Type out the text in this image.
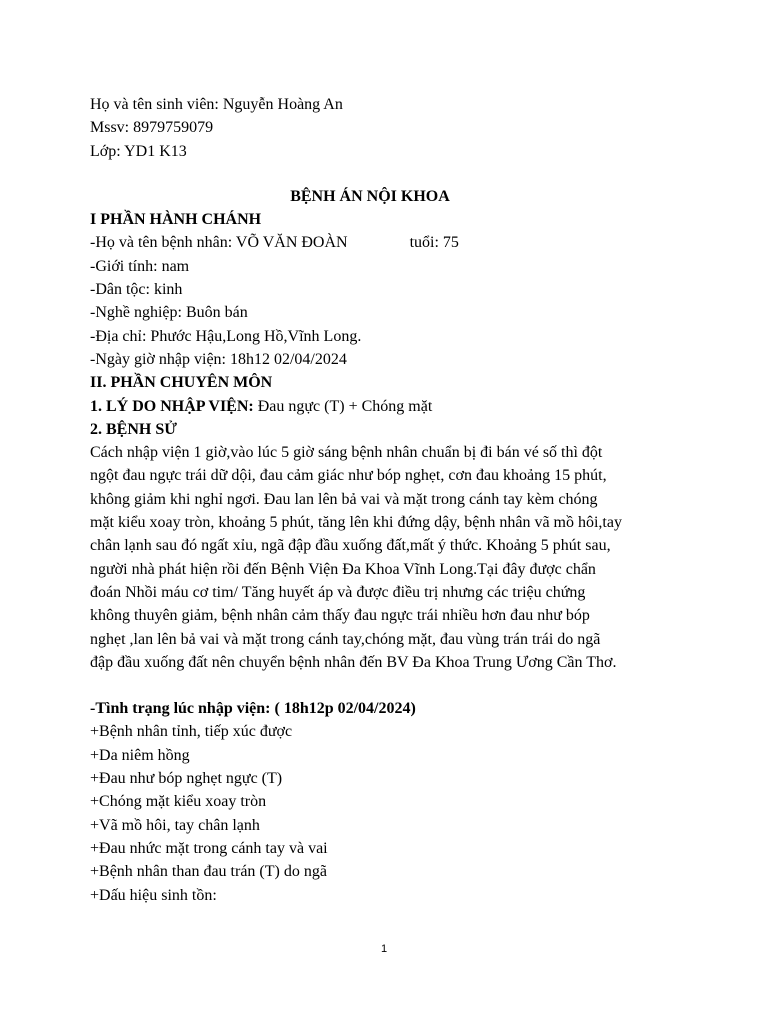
Họ và tên sinh viên: Nguyễn Hoàng An

Mssv: 8979759079

Lớp: YD1 K13

BỆNH ÁN NỘI KHOA

I PHẦN HÀNH CHÁNH

-Họ và tên bệnh nhân: VÕ VĂN ĐOÀN	tuổi: 75

-Giới tính: nam

-Dân tộc: kinh

-Nghề nghiệp: Buôn bán

-Địa chỉ: Phước Hậu,Long Hồ,Vĩnh Long.

-Ngày giờ nhập viện: 18h12 02/04/2024

II. PHẦN CHUYÊN MÔN

1. LÝ DO NHẬP VIỆN: Đau ngực (T) + Chóng mặt

2. BỆNH SỬ

Cách nhập viện 1 giờ,vào lúc 5 giờ sáng bệnh nhân chuẩn bị đi bán vé số thì đột
ngột đau ngực trái dữ dội, đau cảm giác như bóp nghẹt, cơn đau khoảng 15 phút,
không giảm khi nghỉ ngơi. Đau lan lên bả vai và mặt trong cánh tay kèm chóng
mặt kiểu xoay tròn, khoảng 5 phút, tăng lên khi đứng dậy, bệnh nhân vã mồ hôi,tay
chân lạnh sau đó ngất xỉu, ngã đập đầu xuống đất,mất ý thức. Khoảng 5 phút sau,
người nhà phát hiện rồi đến Bệnh Viện Đa Khoa Vĩnh Long.Tại đây được chẩn
đoán Nhồi máu cơ tim/ Tăng huyết áp và được điều trị nhưng các triệu chứng
không thuyên giảm, bệnh nhân cảm thấy đau ngực trái nhiều hơn đau như bóp
nghẹt ,lan lên bả vai và mặt trong cánh tay,chóng mặt, đau vùng trán trái do ngã
đập đầu xuống đất nên chuyển bệnh nhân đến BV Đa Khoa Trung Ương Cần Thơ.

-Tình trạng lúc nhập viện: ( 18h12p 02/04/2024)

+Bệnh nhân tỉnh, tiếp xúc được

+Da niêm hồng

+Đau như bóp nghẹt ngực (T)

+Chóng mặt kiểu xoay tròn

+Vã mồ hôi, tay chân lạnh

+Đau nhức mặt trong cánh tay và vai

+Bệnh nhân than đau trán (T) do ngã

+Dấu hiệu sinh tồn:

1
